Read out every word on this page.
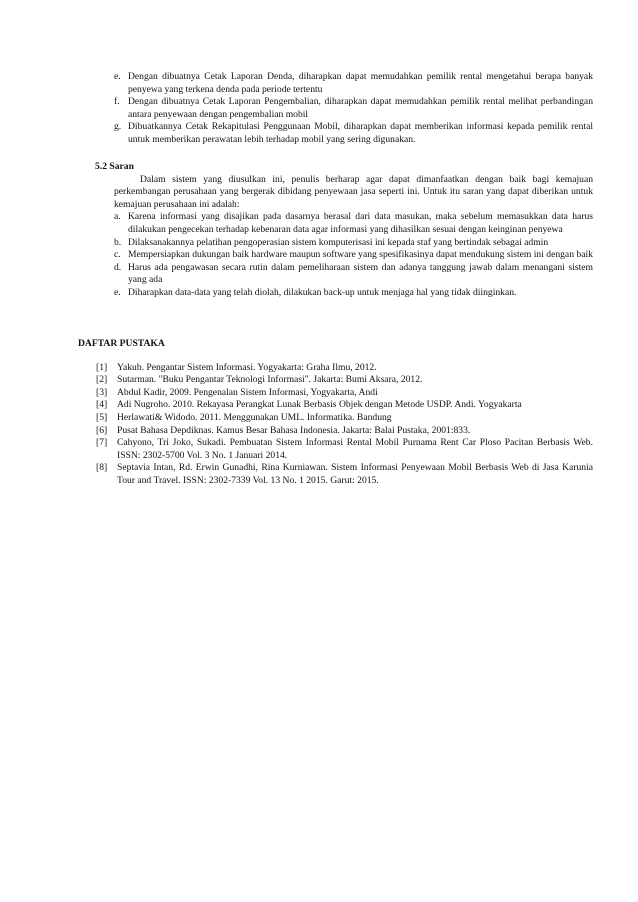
e. Dengan dibuatnya Cetak Laporan Denda, diharapkan dapat memudahkan pemilik rental mengetahui berapa banyak penyewa yang terkena denda pada periode tertentu

f. Dengan dibuatnya Cetak Laporan Pengembalian, diharapkan dapat memudahkan pemilik rental melihat perbandingan antara penyewaan dengan pengembalian mobil

g. Dibuatkannya Cetak Rekapitulasi Penggunaan Mobil, diharapkan dapat memberikan informasi kepada pemilik rental untuk memberikan perawatan lebih terhadap mobil yang sering digunakan.

5.2 Saran

Dalam sistem yang diusulkan ini, penulis berharap agar dapat dimanfaatkan dengan baik bagi kemajuan perkembangan perusahaan yang bergerak dibidang penyewaan jasa seperti ini. Untuk itu saran yang dapat diberikan untuk kemajuan perusahaan ini adalah:

a. Karena informasi yang disajikan pada dasarnya berasal dari data masukan, maka sebelum memasukkan data harus dilakukan pengecekan terhadap kebenaran data agar informasi yang dihasilkan sesuai dengan keinginan penyewa

b. Dilaksanakannya pelatihan pengoperasian sistem komputerisasi ini kepada staf yang bertindak sebagai admin

c. Mempersiapkan dukungan baik hardware maupun software yang spesifikasinya dapat mendukung sistem ini dengan baik

d. Harus ada pengawasan secara rutin dalam pemeliharaan sistem dan adanya tanggung jawab dalam menangani sistem yang ada

e. Diharapkan data-data yang telah diolah, dilakukan back-up untuk menjaga hal yang tidak diinginkan.

DAFTAR PUSTAKA
[1] Yakub. Pengantar Sistem Informasi. Yogyakarta: Graha Ilmu, 2012.

[2] Sutarman. "Buku Pengantar Teknologi Informasi". Jakarta: Bumi Aksara, 2012.

[3] Abdul Kadir, 2009. Pengenalan Sistem Informasi, Yogyakarta, Andi

[4] Adi Nugroho. 2010. Rekayasa Perangkat Lunak Berbasis Objek dengan Metode USDP. Andi. Yogyakarta

[5] Herlawati& Widodo. 2011. Menggunakan UML. Informatika. Bandung

[6] Pusat Bahasa Depdiknas. Kamus Besar Bahasa Indonesia. Jakarta: Balai Pustaka, 2001:833.

[7] Cahyono, Tri Joko, Sukadi. Pembuatan Sistem Informasi Rental Mobil Purnama Rent Car Ploso Pacitan Berbasis Web. ISSN: 2302-5700 Vol. 3 No. 1 Januari 2014.

[8] Septavia Intan, Rd. Erwin Gunadhi, Rina Kurniawan. Sistem Informasi Penyewaan Mobil Berbasis Web di Jasa Karunia Tour and Travel. ISSN: 2302-7339 Vol. 13 No. 1 2015. Garut: 2015.
